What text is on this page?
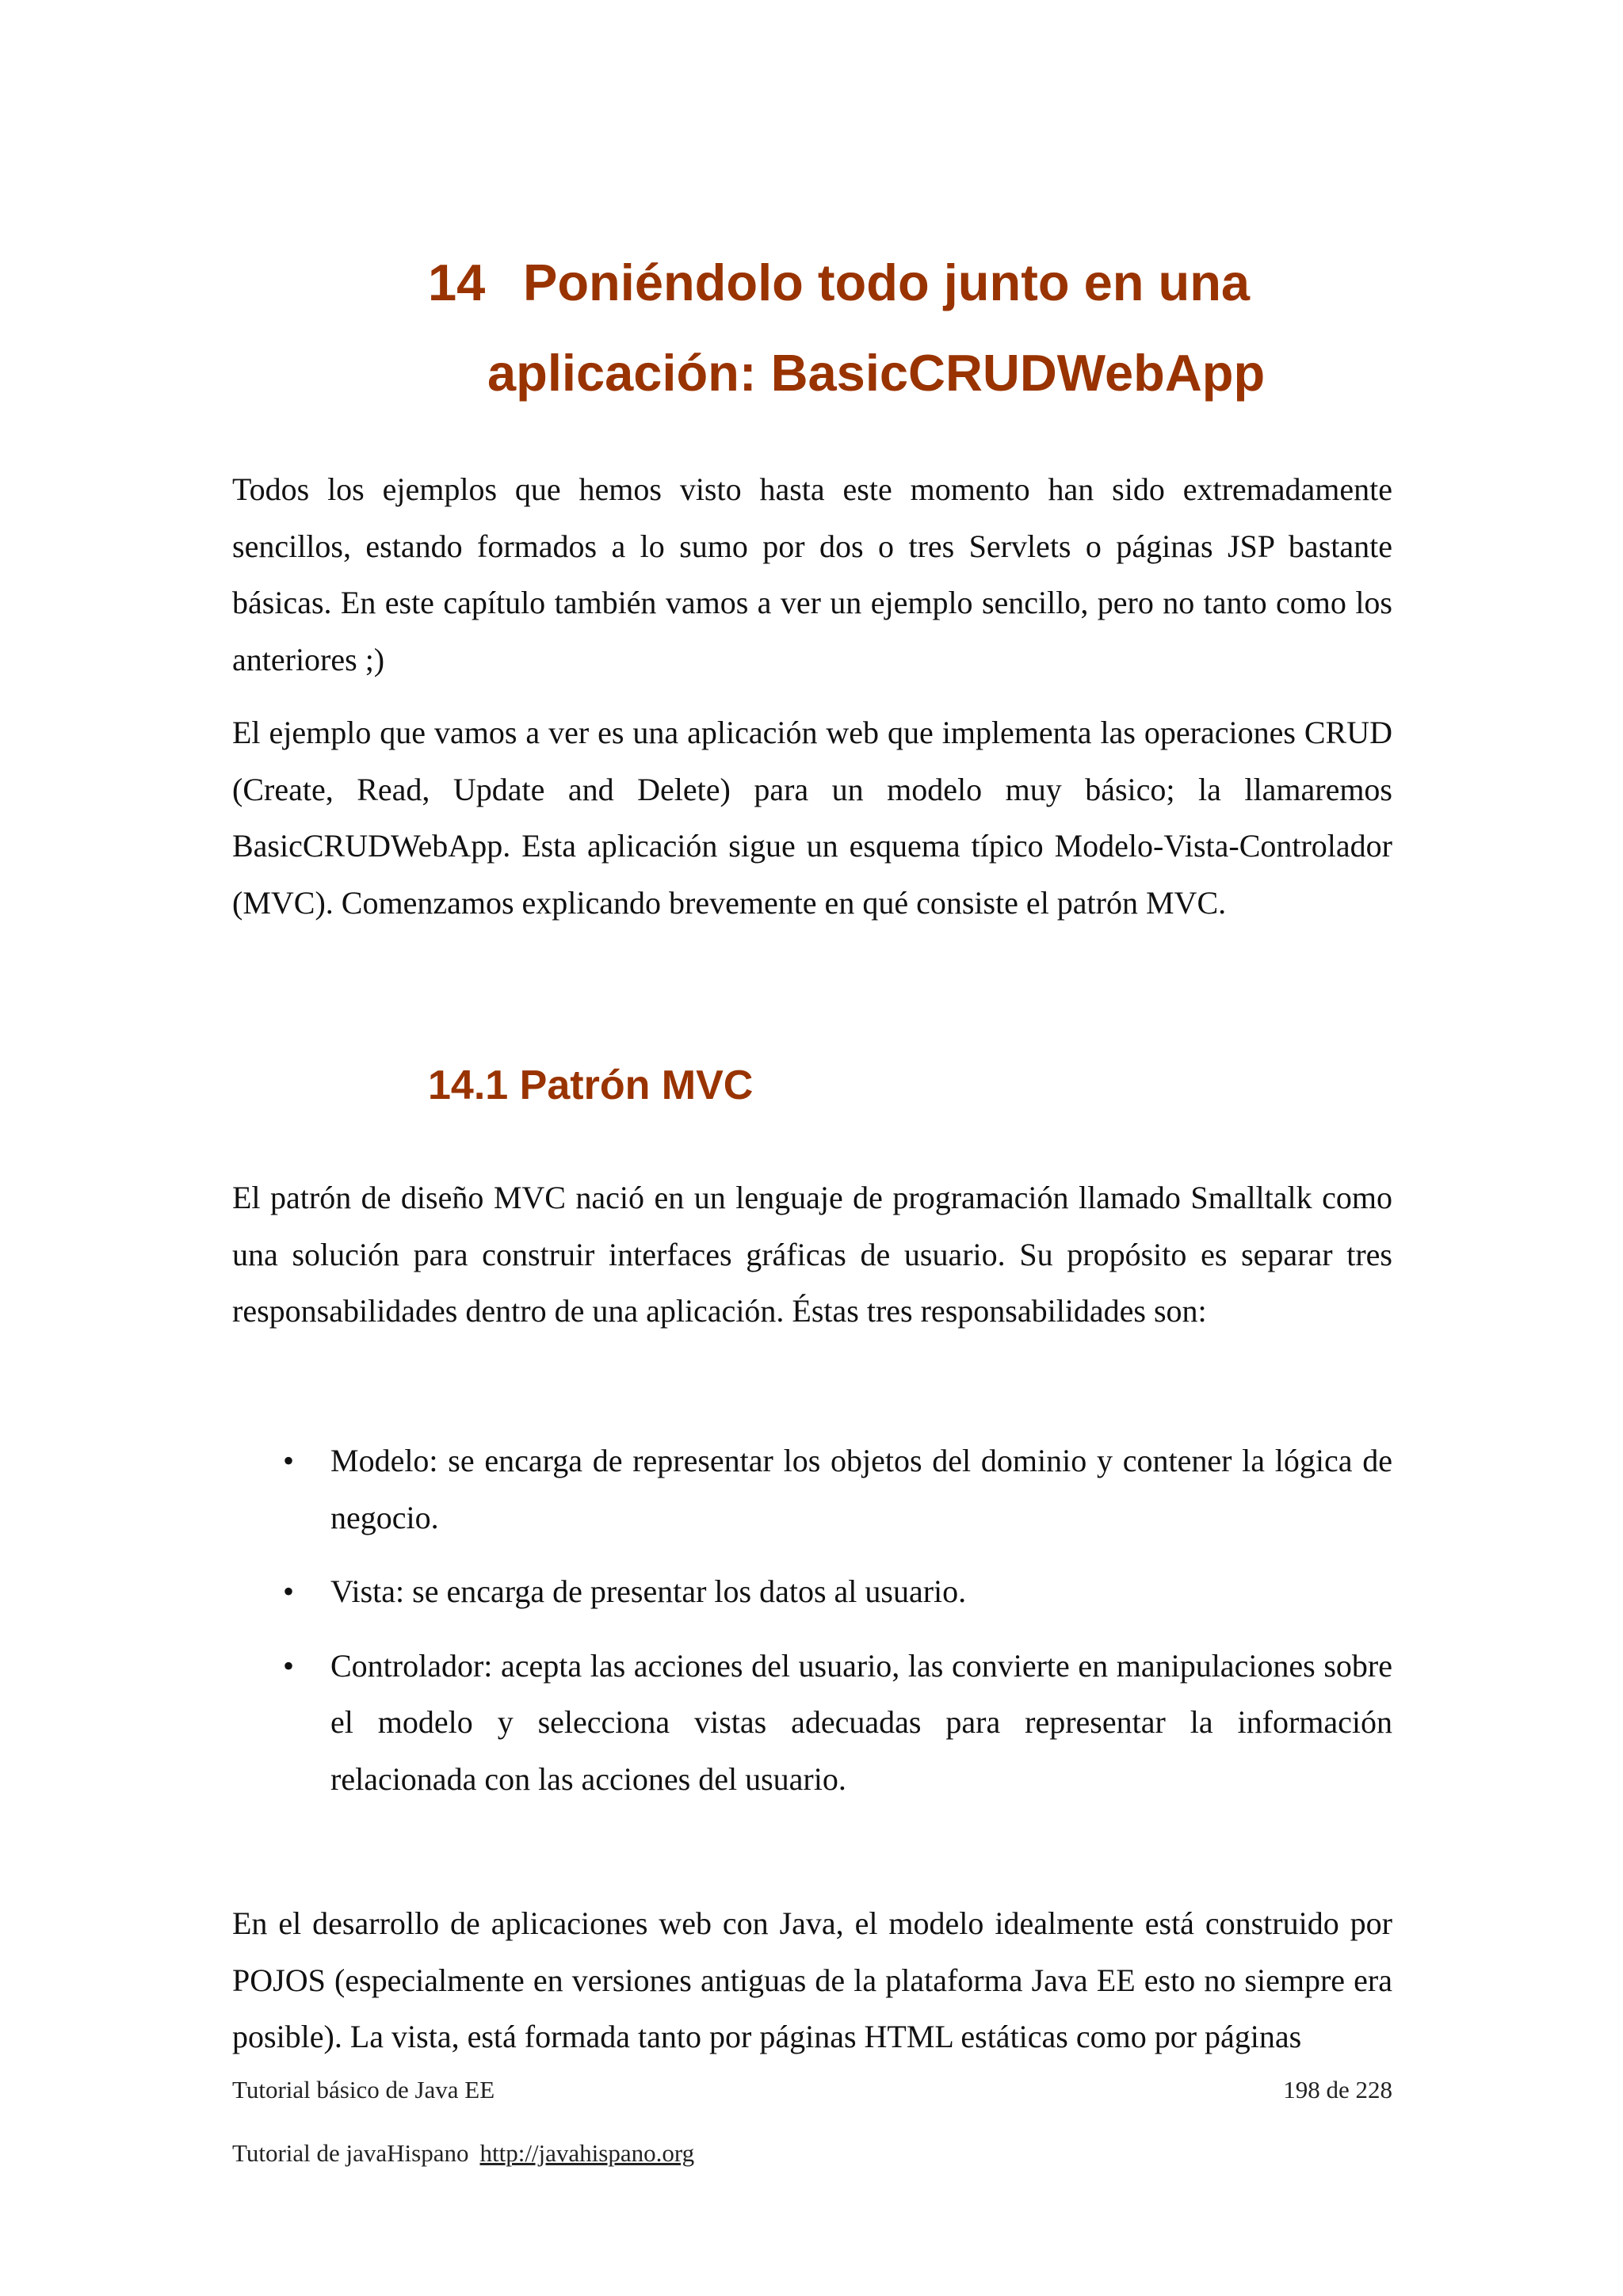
14 Poniéndolo todo junto en una
aplicación: BasicCRUDWebApp

Todos los ejemplos que hemos visto hasta este momento han sido extremadamente sencillos, estando formados a lo sumo por dos o tres Servlets o páginas JSP bastante básicas. En este capítulo también vamos a ver un ejemplo sencillo, pero no tanto como los anteriores ;)

El ejemplo que vamos a ver es una aplicación web que implementa las operaciones CRUD (Create, Read, Update and Delete) para un modelo muy básico; la llamaremos BasicCRUDWebApp. Esta aplicación sigue un esquema típico Modelo-Vista-Controlador (MVC). Comenzamos explicando brevemente en qué consiste el patrón MVC.

14.1 Patrón MVC

El patrón de diseño MVC nació en un lenguaje de programación llamado Smalltalk como una solución para construir interfaces gráficas de usuario. Su propósito es separar tres responsabilidades dentro de una aplicación. Éstas tres responsabilidades son:

• Modelo: se encarga de representar los objetos del dominio y contener la lógica de negocio.
• Vista: se encarga de presentar los datos al usuario.
• Controlador: acepta las acciones del usuario, las convierte en manipulaciones sobre el modelo y selecciona vistas adecuadas para representar la información relacionada con las acciones del usuario.

En el desarrollo de aplicaciones web con Java, el modelo idealmente está construido por POJOS (especialmente en versiones antiguas de la plataforma Java EE esto no siempre era posible). La vista, está formada tanto por páginas HTML estáticas como por páginas

Tutorial básico de Java EE	198 de 228
Tutorial de javaHispano http://javahispano.org
